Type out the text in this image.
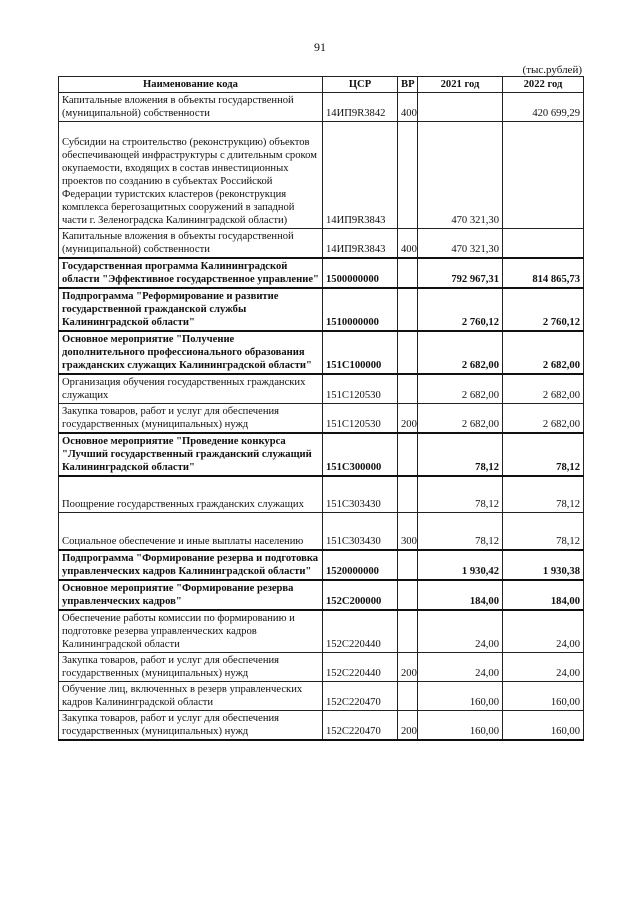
91
(тыс.рублей)
Наименование кода	ЦСР	ВР	2021 год	2022 год
Капитальные вложения в объекты государственной (муниципальной) собственности	14ИП9R3842	400		420 699,29
Субсидии на строительство (реконструкцию) объектов обеспечивающей инфраструктуры с длительным сроком окупаемости, входящих в состав инвестиционных проектов по созданию в субъектах Российской Федерации туристских кластеров (реконструкция комплекса берегозащитных сооружений в западной части г. Зеленоградска Калининградской области)	14ИП9R3843		470 321,30	
Капитальные вложения в объекты государственной (муниципальной) собственности	14ИП9R3843	400	470 321,30	
Государственная программа Калининградской области "Эффективное государственное управление"	1500000000		792 967,31	814 865,73
Подпрограмма "Реформирование и развитие государственной гражданской службы Калининградской области"	1510000000		2 760,12	2 760,12
Основное мероприятие "Получение дополнительного профессионального образования гражданских служащих Калининградской области"	151С100000		2 682,00	2 682,00
Организация обучения государственных гражданских служащих	151С120530		2 682,00	2 682,00
Закупка товаров, работ и услуг для обеспечения государственных (муниципальных) нужд	151С120530	200	2 682,00	2 682,00
Основное мероприятие "Проведение конкурса "Лучший государственный гражданский служащий Калининградской области"	151С300000		78,12	78,12
Поощрение государственных гражданских служащих	151С303430		78,12	78,12
Социальное обеспечение и иные выплаты населению	151С303430	300	78,12	78,12
Подпрограмма "Формирование резерва и подготовка управленческих кадров Калининградской области"	1520000000		1 930,42	1 930,38
Основное мероприятие "Формирование резерва управленческих кадров"	152С200000		184,00	184,00
Обеспечение работы комиссии по формированию и подготовке резерва управленческих кадров Калининградской области	152С220440		24,00	24,00
Закупка товаров, работ и услуг для обеспечения государственных (муниципальных) нужд	152С220440	200	24,00	24,00
Обучение лиц, включенных в резерв управленческих кадров Калининградской области	152С220470		160,00	160,00
Закупка товаров, работ и услуг для обеспечения государственных (муниципальных) нужд	152С220470	200	160,00	160,00
